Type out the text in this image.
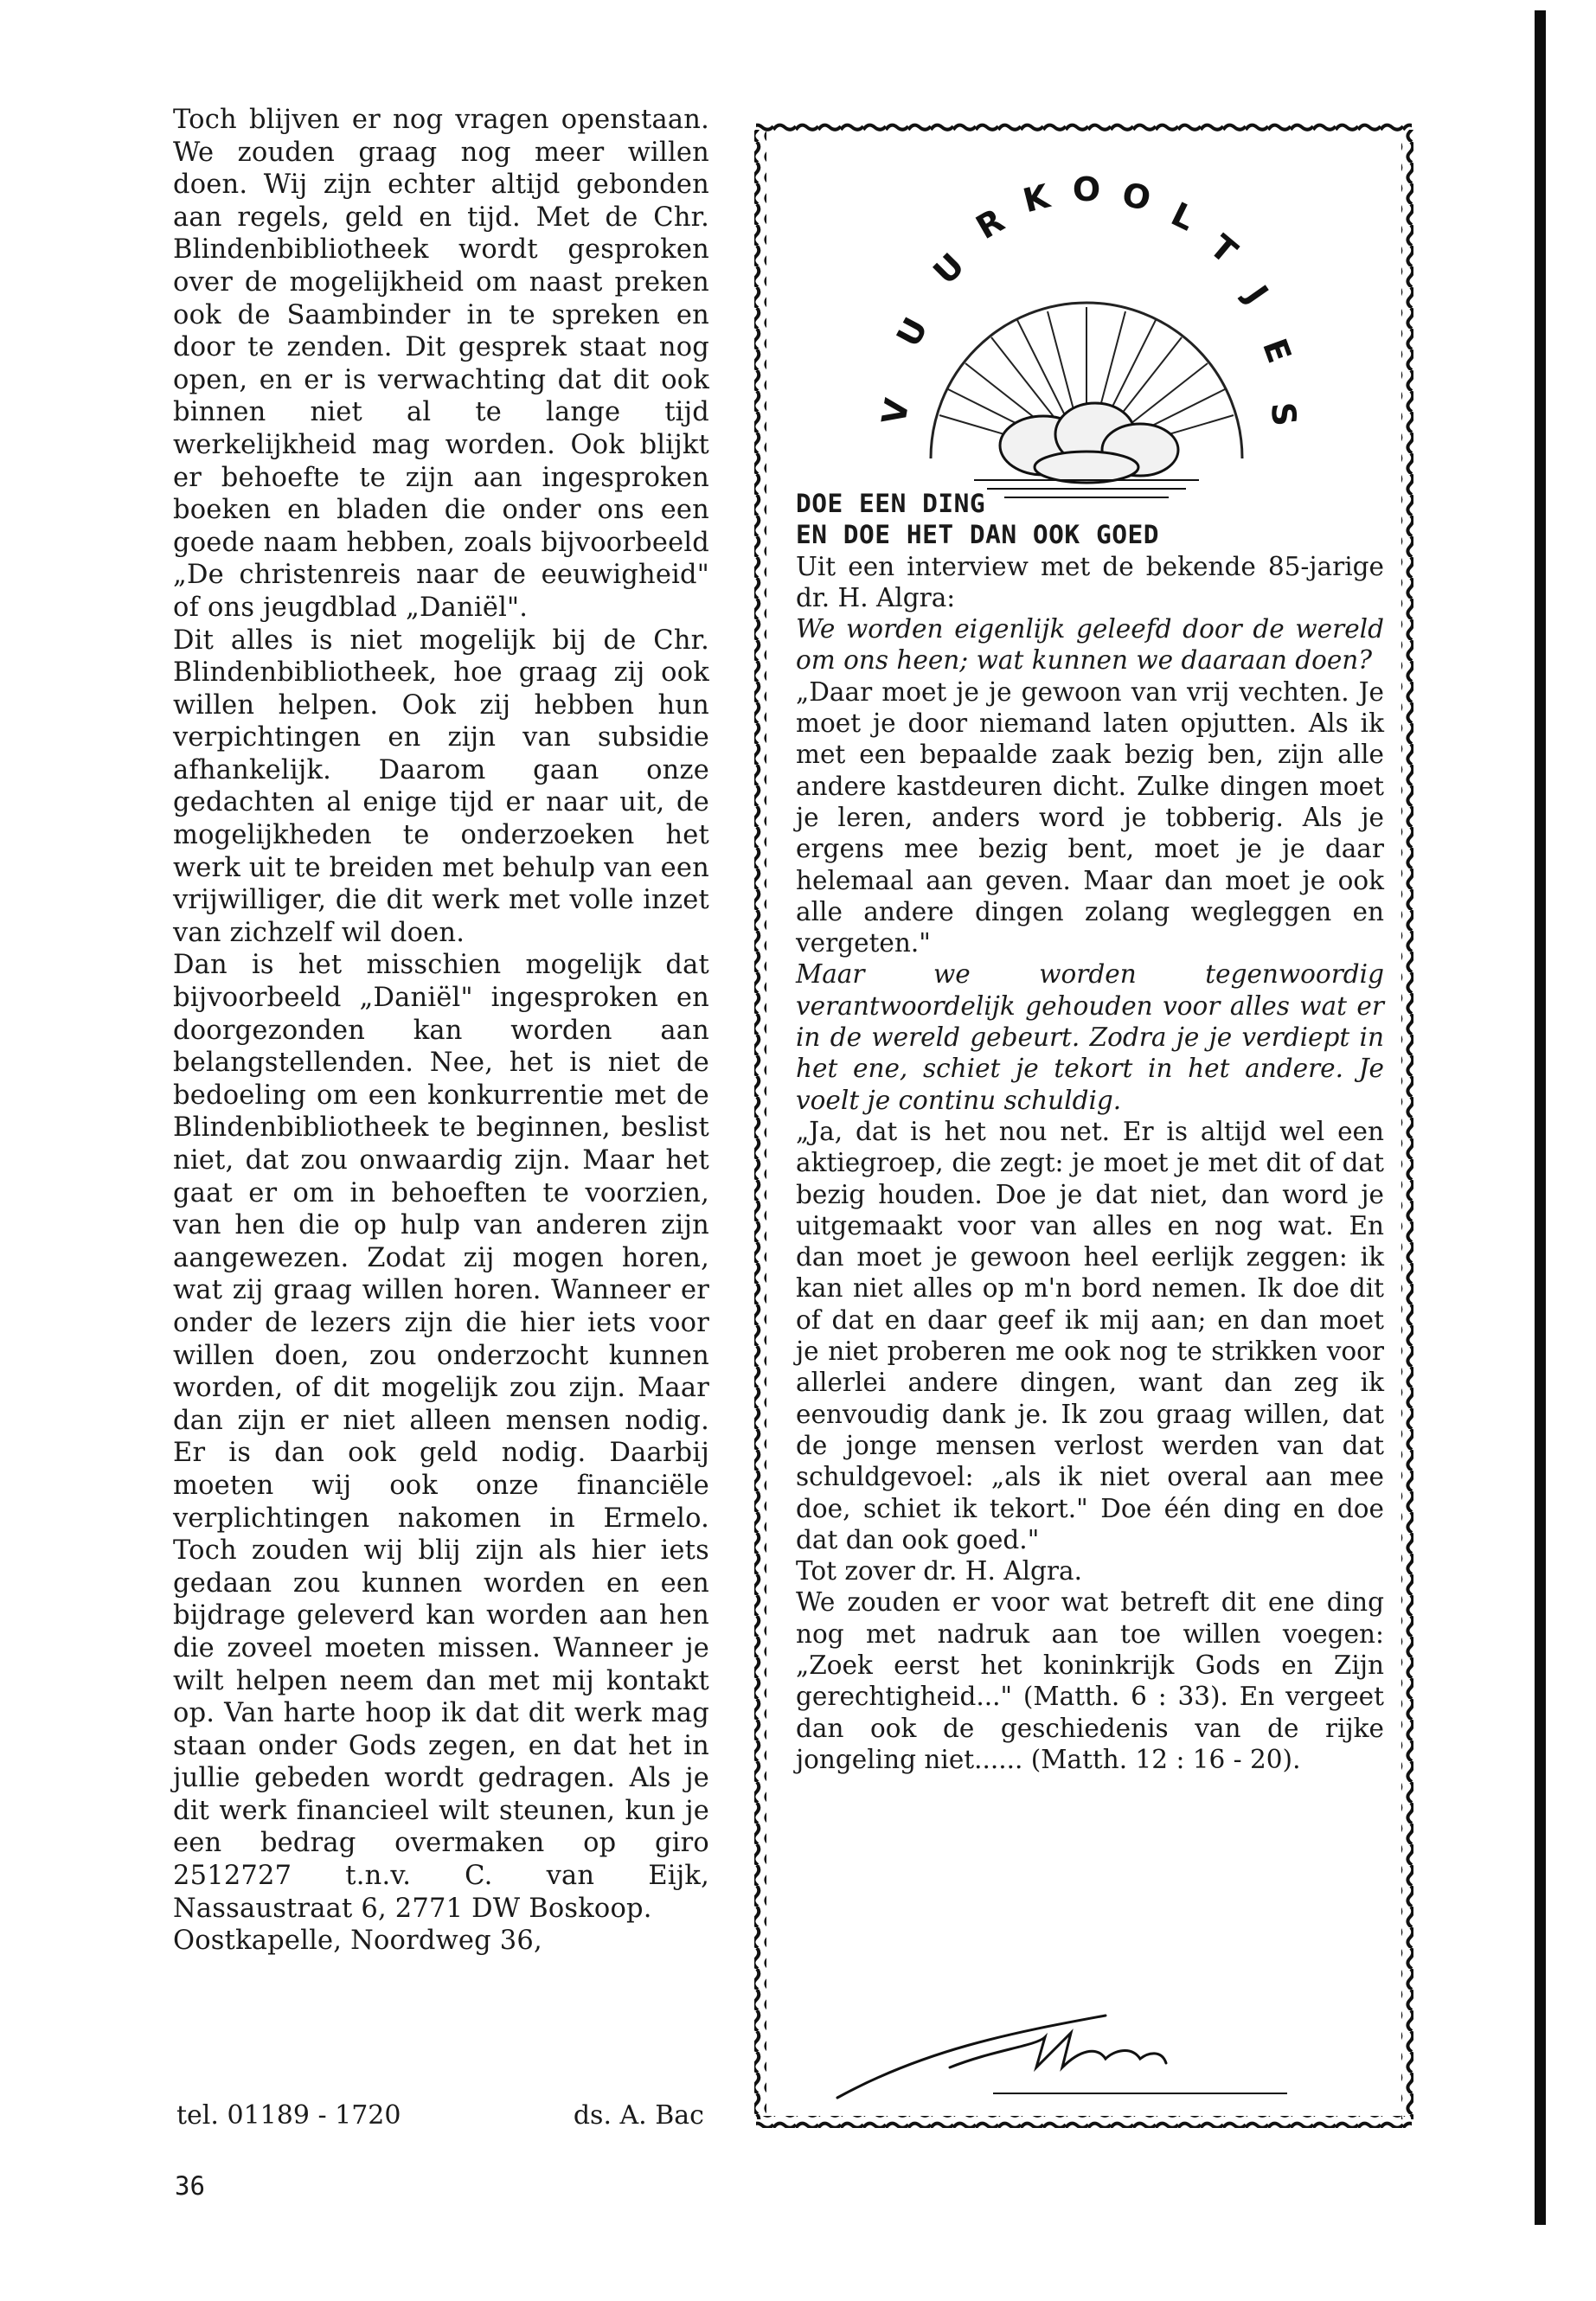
Toch blijven er nog vragen openstaan. We zouden graag nog meer willen doen. Wij zijn echter altijd gebonden aan regels, geld en tijd. Met de Chr. Blindenbibliotheek wordt gesproken over de mogelijkheid om naast preken ook de Saambinder in te spreken en door te zenden. Dit gesprek staat nog open, en er is verwachting dat dit ook binnen niet al te lange tijd werkelijkheid mag worden. Ook blijkt er behoefte te zijn aan ingesproken boeken en bladen die onder ons een goede naam hebben, zoals bijvoorbeeld „De christenreis naar de eeuwigheid" of ons jeugdblad „Daniël".

Dit alles is niet mogelijk bij de Chr. Blindenbibliotheek, hoe graag zij ook willen helpen. Ook zij hebben hun verpichtingen en zijn van subsidie afhankelijk. Daarom gaan onze gedachten al enige tijd er naar uit, de mogelijkheden te onderzoeken het werk uit te breiden met behulp van een vrijwilliger, die dit werk met volle inzet van zichzelf wil doen.

Dan is het misschien mogelijk dat bijvoorbeeld „Daniël" ingesproken en doorgezonden kan worden aan belangstellenden. Nee, het is niet de bedoeling om een konkurrentie met de Blindenbibliotheek te beginnen, beslist niet, dat zou onwaardig zijn. Maar het gaat er om in behoeften te voorzien, van hen die op hulp van anderen zijn aangewezen. Zodat zij mogen horen, wat zij graag willen horen. Wanneer er onder de lezers zijn die hier iets voor willen doen, zou onderzocht kunnen worden, of dit mogelijk zou zijn. Maar dan zijn er niet alleen mensen nodig. Er is dan ook geld nodig. Daarbij moeten wij ook onze financiële verplichtingen nakomen in Ermelo. Toch zouden wij blij zijn als hier iets gedaan zou kunnen worden en een bijdrage geleverd kan worden aan hen die zoveel moeten missen. Wanneer je wilt helpen neem dan met mij kontakt op. Van harte hoop ik dat dit werk mag staan onder Gods zegen, en dat het in jullie gebeden wordt gedragen. Als je dit werk financieel wilt steunen, kun je een bedrag overmaken op giro 2512727 t.n.v. C. van Eijk, Nassaustraat 6, 2771 DW Boskoop.

Oostkapelle, Noordweg 36,

tel. 01189 - 1720	ds. A. Bac
36
V
U
U
R
K O O L
T
J
E
S

DOE EEN DING

EN DOE HET DAN OOK GOED

Uit een interview met de bekende 85-jarige dr. H. Algra:

We worden eigenlijk geleefd door de wereld om ons heen; wat kunnen we daaraan doen?

„Daar moet je je gewoon van vrij vechten. Je moet je door niemand laten opjutten. Als ik met een bepaalde zaak bezig ben, zijn alle andere kastdeuren dicht. Zulke dingen moet je leren, anders word je tobberig. Als je ergens mee bezig bent, moet je je daar helemaal aan geven. Maar dan moet je ook alle andere dingen zolang wegleggen en vergeten."

Maar we worden tegenwoordig verantwoordelijk gehouden voor alles wat er in de wereld gebeurt. Zodra je je verdiept in het ene, schiet je tekort in het andere. Je voelt je continu schuldig.

„Ja, dat is het nou net. Er is altijd wel een aktiegroep, die zegt: je moet je met dit of dat bezig houden. Doe je dat niet, dan word je uitgemaakt voor van alles en nog wat. En dan moet je gewoon heel eerlijk zeggen: ik kan niet alles op m'n bord nemen. Ik doe dit of dat en daar geef ik mij aan; en dan moet je niet proberen me ook nog te strikken voor allerlei andere dingen, want dan zeg ik eenvoudig dank je. Ik zou graag willen, dat de jonge mensen verlost werden van dat schuldgevoel: „als ik niet overal aan mee doe, schiet ik tekort." Doe één ding en doe dat dan ook goed."

Tot zover dr. H. Algra.

We zouden er voor wat betreft dit ene ding nog met nadruk aan toe willen voegen: „Zoek eerst het koninkrijk Gods en Zijn gerechtigheid..." (Matth. 6 : 33). En vergeet dan ook de geschiedenis van de rijke jongeling niet...... (Matth. 12 : 16 - 20).
